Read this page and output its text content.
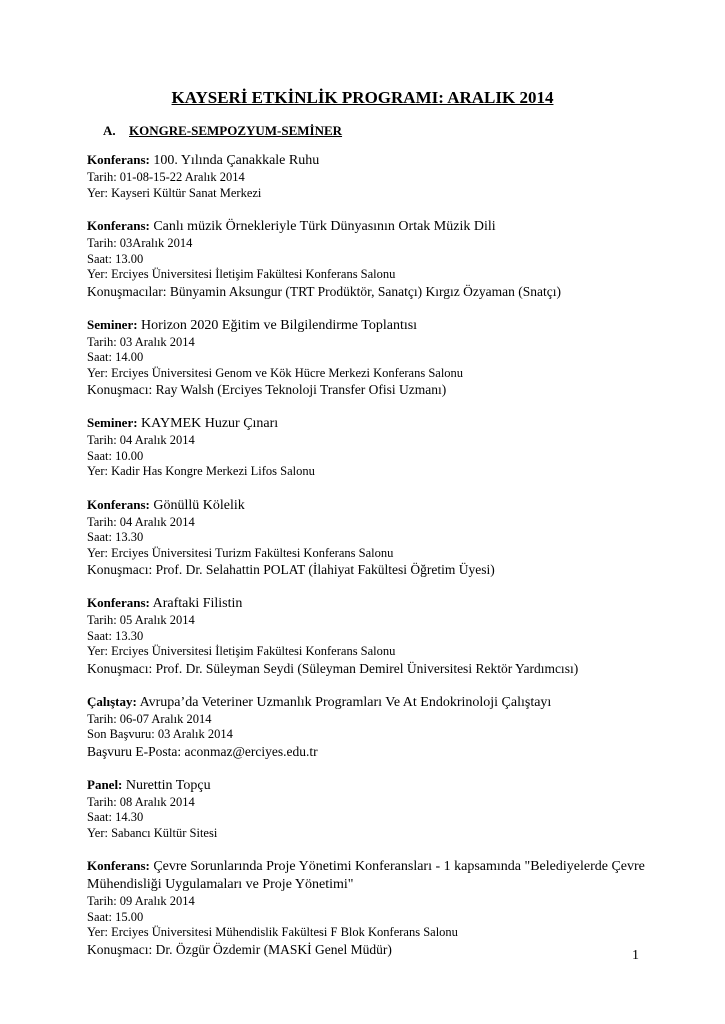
KAYSERİ ETKİNLİK PROGRAMI: ARALIK 2014
A. KONGRE-SEMPOZYUM-SEMİNER
Konferans: 100. Yılında Çanakkale Ruhu
Tarih: 01-08-15-22 Aralık 2014
Yer: Kayseri Kültür Sanat Merkezi
Konferans: Canlı müzik Örnekleriyle Türk Dünyasının Ortak Müzik Dili
Tarih: 03Aralık 2014
Saat: 13.00
Yer: Erciyes Üniversitesi İletişim Fakültesi Konferans Salonu
Konuşmacılar: Bünyamin Aksungur (TRT Prodüktör, Sanatçı) Kırgız Özyaman (Snatçı)
Seminer: Horizon 2020 Eğitim ve Bilgilendirme Toplantısı
Tarih: 03 Aralık 2014
Saat: 14.00
Yer: Erciyes Üniversitesi Genom ve Kök Hücre Merkezi Konferans Salonu
Konuşmacı: Ray Walsh (Erciyes Teknoloji Transfer Ofisi Uzmanı)
Seminer: KAYMEK Huzur Çınarı
Tarih: 04 Aralık 2014
Saat: 10.00
Yer: Kadir Has Kongre Merkezi Lifos Salonu
Konferans: Gönüllü Kölelik
Tarih: 04 Aralık 2014
Saat: 13.30
Yer: Erciyes Üniversitesi Turizm Fakültesi Konferans Salonu
Konuşmacı: Prof. Dr. Selahattin POLAT (İlahiyat Fakültesi Öğretim Üyesi)
Konferans: Araftaki Filistin
Tarih: 05 Aralık 2014
Saat: 13.30
Yer: Erciyes Üniversitesi İletişim Fakültesi Konferans Salonu
Konuşmacı: Prof. Dr. Süleyman Seydi (Süleyman Demirel Üniversitesi Rektör Yardımcısı)
Çalıştay: Avrupa’da Veteriner Uzmanlık Programları Ve At Endokrinoloji Çalıştayı
Tarih: 06-07 Aralık 2014
Son Başvuru: 03 Aralık 2014
Başvuru E-Posta: aconmaz@erciyes.edu.tr
Panel: Nurettin Topçu
Tarih: 08 Aralık 2014
Saat: 14.30
Yer: Sabancı Kültür Sitesi
Konferans: Çevre Sorunlarında Proje Yönetimi Konferansları - 1 kapsamında "Belediyelerde Çevre Mühendisliği Uygulamaları ve Proje Yönetimi"
Tarih: 09 Aralık 2014
Saat: 15.00
Yer: Erciyes Üniversitesi Mühendislik Fakültesi F Blok Konferans Salonu
Konuşmacı: Dr. Özgür Özdemir (MASKİ Genel Müdür)	1
